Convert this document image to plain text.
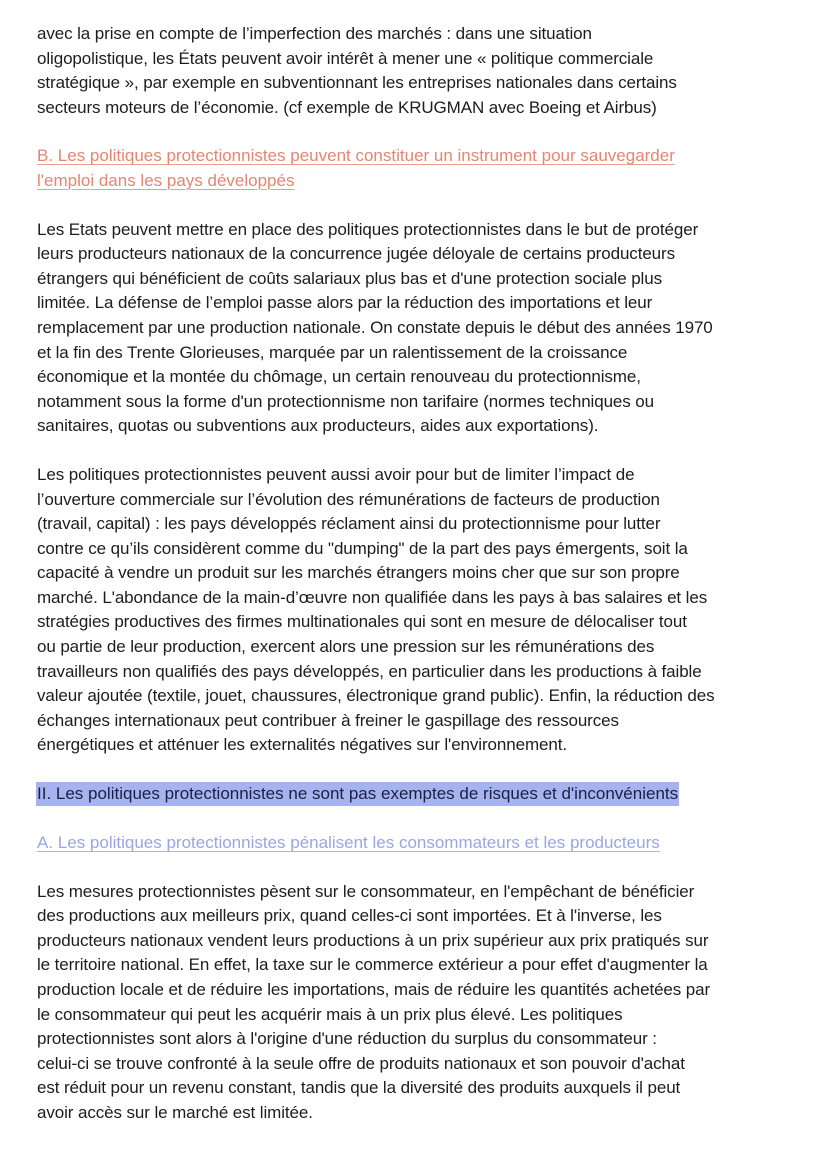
avec la prise en compte de l’imperfection des marchés : dans une situation
oligopolistique, les États peuvent avoir intérêt à mener une « politique commerciale
stratégique », par exemple en subventionnant les entreprises nationales dans certains
secteurs moteurs de l’économie. (cf exemple de KRUGMAN avec Boeing et Airbus)

B. Les politiques protectionnistes peuvent constituer un instrument pour sauvegarder
l'emploi dans les pays développés

Les Etats peuvent mettre en place des politiques protectionnistes dans le but de protéger
leurs producteurs nationaux de la concurrence jugée déloyale de certains producteurs
étrangers qui bénéficient de coûts salariaux plus bas et d'une protection sociale plus
limitée. La défense de l’emploi passe alors par la réduction des importations et leur
remplacement par une production nationale. On constate depuis le début des années 1970
et la fin des Trente Glorieuses, marquée par un ralentissement de la croissance
économique et la montée du chômage, un certain renouveau du protectionnisme,
notamment sous la forme d'un protectionnisme non tarifaire (normes techniques ou
sanitaires, quotas ou subventions aux producteurs, aides aux exportations).

Les politiques protectionnistes peuvent aussi avoir pour but de limiter l’impact de
l’ouverture commerciale sur l’évolution des rémunérations de facteurs de production
(travail, capital) : les pays développés réclament ainsi du protectionnisme pour lutter
contre ce qu’ils considèrent comme du "dumping" de la part des pays émergents, soit la
capacité à vendre un produit sur les marchés étrangers moins cher que sur son propre
marché. L'abondance de la main-d’œuvre non qualifiée dans les pays à bas salaires et les
stratégies productives des firmes multinationales qui sont en mesure de délocaliser tout
ou partie de leur production, exercent alors une pression sur les rémunérations des
travailleurs non qualifiés des pays développés, en particulier dans les productions à faible
valeur ajoutée (textile, jouet, chaussures, électronique grand public). Enfin, la réduction des
échanges internationaux peut contribuer à freiner le gaspillage des ressources
énergétiques et atténuer les externalités négatives sur l'environnement.

II. Les politiques protectionnistes ne sont pas exemptes de risques et d'inconvénients

A. Les politiques protectionnistes pénalisent les consommateurs et les producteurs

Les mesures protectionnistes pèsent sur le consommateur, en l'empêchant de bénéficier
des productions aux meilleurs prix, quand celles-ci sont importées. Et à l'inverse, les
producteurs nationaux vendent leurs productions à un prix supérieur aux prix pratiqués sur
le territoire national. En effet, la taxe sur le commerce extérieur a pour effet d'augmenter la
production locale et de réduire les importations, mais de réduire les quantités achetées par
le consommateur qui peut les acquérir mais à un prix plus élevé. Les politiques
protectionnistes sont alors à l'origine d'une réduction du surplus du consommateur :
celui-ci se trouve confronté à la seule offre de produits nationaux et son pouvoir d'achat
est réduit pour un revenu constant, tandis que la diversité des produits auxquels il peut
avoir accès sur le marché est limitée.
